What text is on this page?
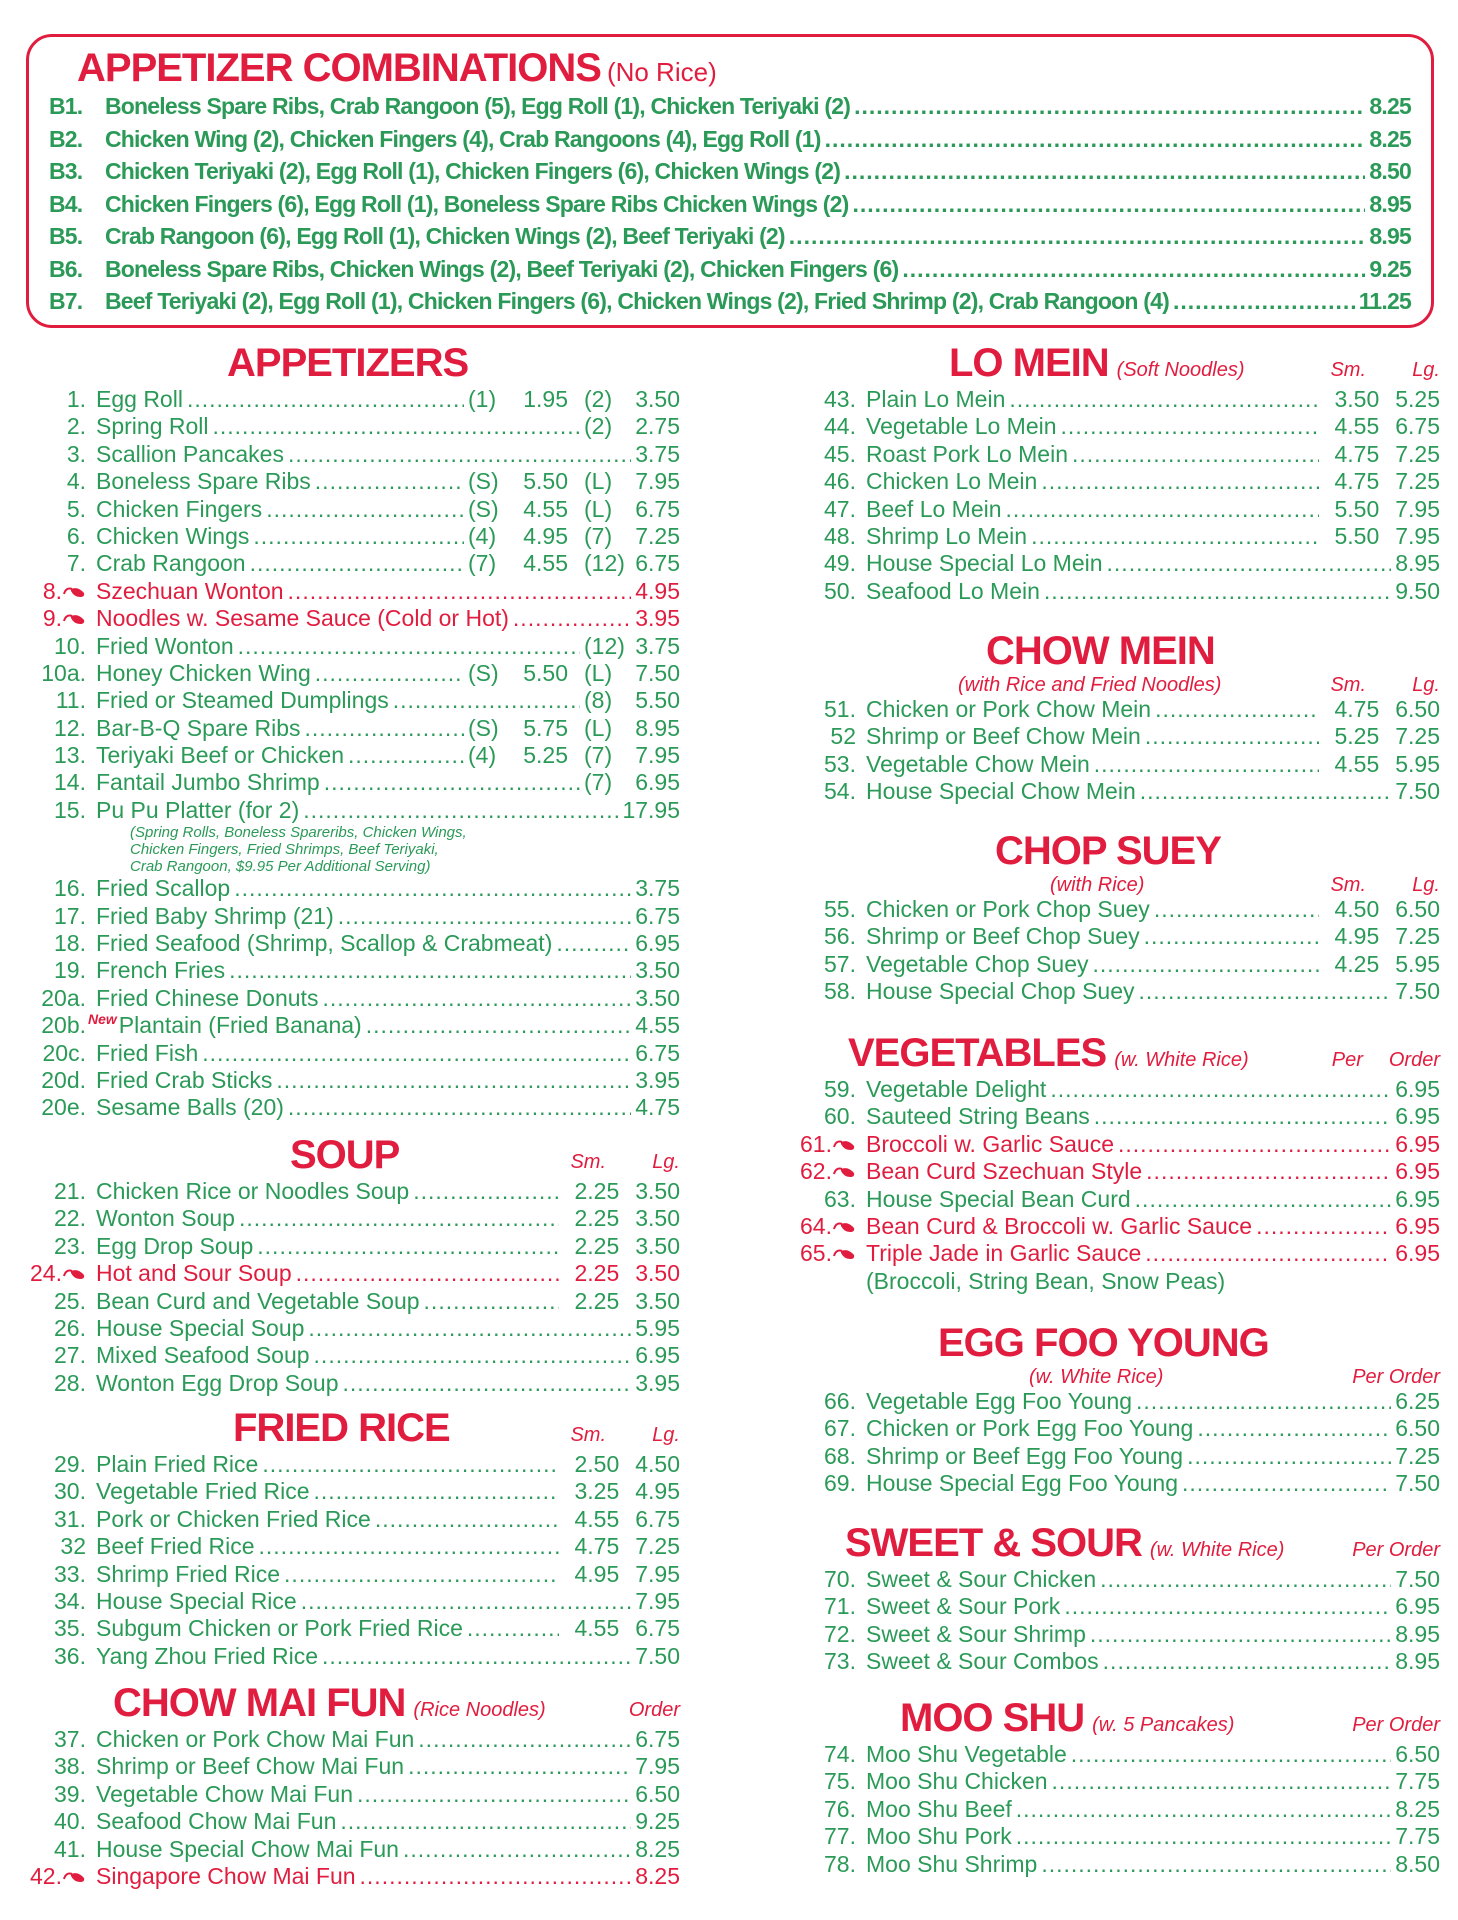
APPETIZER COMBINATIONS (No Rice)
B1. Boneless Spare Ribs, Crab Rangoon (5), Egg Roll (1), Chicken Teriyaki (2) .....	8.25
B2. Chicken Wing (2), Chicken Fingers (4), Crab Rangoons (4), Egg Roll (1) .....	8.25
B3. Chicken Teriyaki (2), Egg Roll (1), Chicken Fingers (6), Chicken Wings (2) .....	8.50
B4. Chicken Fingers (6), Egg Roll (1), Boneless Spare Ribs Chicken Wings (2) .....	8.95
B5. Crab Rangoon (6), Egg Roll (1), Chicken Wings (2), Beef Teriyaki (2) .....	8.95
B6. Boneless Spare Ribs, Chicken Wings (2), Beef Teriyaki (2), Chicken Fingers (6) .....	9.25
B7. Beef Teriyaki (2), Egg Roll (1), Chicken Fingers (6), Chicken Wings (2), Fried Shrimp (2), Crab Rangoon (4) .....	11.25
APPETIZERS
1. Egg Roll .....	(1) 1.95 (2) 3.50
2. Spring Roll .....	(2) 2.75
3. Scallion Pancakes .....	3.75
4. Boneless Spare Ribs .....	(S) 5.50 (L) 7.95
5. Chicken Fingers .....	(S) 4.55 (L) 6.75
6. Chicken Wings .....	(4) 4.95 (7) 7.25
7. Crab Rangoon .....	(7) 4.55 (12) 6.75
8.	Szechuan Wonton .....	4.95
9.	Noodles w. Sesame Sauce (Cold or Hot) .....	3.95
10. Fried Wonton .....	(12) 3.75
10a. Honey Chicken Wing .....	(S) 5.50 (L) 7.50
11. Fried or Steamed Dumplings .....	(8) 5.50
12. Bar-B-Q Spare Ribs .....	(S) 5.75 (L) 8.95
13. Teriyaki Beef or Chicken .....	(4) 5.25 (7) 7.95
14. Fantail Jumbo Shrimp .....	(7) 6.95
15. Pu Pu Platter (for 2) .....	17.95
(Spring Rolls, Boneless Spareribs, Chicken Wings, Chicken Fingers, Fried Shrimps, Beef Teriyaki, Crab Rangoon, $9.95 Per Additional Serving)
16. Fried Scallop .....	3.75
17. Fried Baby Shrimp (21) .....	6.75
18. Fried Seafood (Shrimp, Scallop & Crabmeat) .....	6.95
19. French Fries .....	3.50
20a. Fried Chinese Donuts .....	3.50
20b. New Plantain (Fried Banana) .....	4.55
20c. Fried Fish .....	6.75
20d. Fried Crab Sticks .....	3.95
20e. Sesame Balls (20) .....	4.75
SOUP	Sm.	Lg.
21. Chicken Rice or Noodles Soup .....	2.25 3.50
22. Wonton Soup .....	2.25 3.50
23. Egg Drop Soup .....	2.25 3.50
24.	Hot and Sour Soup .....	2.25 3.50
25. Bean Curd and Vegetable Soup .....	2.25 3.50
26. House Special Soup .....	5.95
27. Mixed Seafood Soup .....	6.95
28. Wonton Egg Drop Soup .....	3.95
FRIED RICE	Sm.	Lg.
29. Plain Fried Rice .....	2.50 4.50
30. Vegetable Fried Rice .....	3.25 4.95
31. Pork or Chicken Fried Rice .....	4.55 6.75
32 Beef Fried Rice .....	4.75 7.25
33. Shrimp Fried Rice .....	4.95 7.95
34. House Special Rice .....	7.95
35. Subgum Chicken or Pork Fried Rice .....	4.55 6.75
36. Yang Zhou Fried Rice .....	7.50
CHOW MAI FUN (Rice Noodles)	Order
37. Chicken or Pork Chow Mai Fun .....	6.75
38. Shrimp or Beef Chow Mai Fun .....	7.95
39. Vegetable Chow Mai Fun .....	6.50
40. Seafood Chow Mai Fun .....	9.25
41. House Special Chow Mai Fun .....	8.25
42.	Singapore Chow Mai Fun .....	8.25
LO MEIN (Soft Noodles)	Sm.	Lg.
43. Plain Lo Mein .....	3.50 5.25
44. Vegetable Lo Mein .....	4.55 6.75
45. Roast Pork Lo Mein .....	4.75 7.25
46. Chicken Lo Mein .....	4.75 7.25
47. Beef Lo Mein .....	5.50 7.95
48. Shrimp Lo Mein .....	5.50 7.95
49. House Special Lo Mein .....	8.95
50. Seafood Lo Mein .....	9.50
CHOW MEIN
(with Rice and Fried Noodles)	Sm.	Lg.
51. Chicken or Pork Chow Mein .....	4.75 6.50
52 Shrimp or Beef Chow Mein .....	5.25 7.25
53. Vegetable Chow Mein .....	4.55 5.95
54. House Special Chow Mein .....	7.50
CHOP SUEY
(with Rice)	Sm.	Lg.
55. Chicken or Pork Chop Suey .....	4.50 6.50
56. Shrimp or Beef Chop Suey .....	4.95 7.25
57. Vegetable Chop Suey .....	4.25 5.95
58. House Special Chop Suey .....	7.50
VEGETABLES (w. White Rice)	Per Order
59. Vegetable Delight .....	6.95
60. Sauteed String Beans .....	6.95
61.	Broccoli w. Garlic Sauce .....	6.95
62.	Bean Curd Szechuan Style .....	6.95
63. House Special Bean Curd .....	6.95
64.	Bean Curd & Broccoli w. Garlic Sauce .....	6.95
65.	Triple Jade in Garlic Sauce .....	6.95
(Broccoli, String Bean, Snow Peas)
EGG FOO YOUNG
(w. White Rice)	Per Order
66. Vegetable Egg Foo Young .....	6.25
67. Chicken or Pork Egg Foo Young .....	6.50
68. Shrimp or Beef Egg Foo Young .....	7.25
69. House Special Egg Foo Young .....	7.50
SWEET & SOUR (w. White Rice)	Per Order
70. Sweet & Sour Chicken .....	7.50
71. Sweet & Sour Pork .....	6.95
72. Sweet & Sour Shrimp .....	8.95
73. Sweet & Sour Combos .....	8.95
MOO SHU (w. 5 Pancakes)	Per Order
74. Moo Shu Vegetable .....	6.50
75. Moo Shu Chicken .....	7.75
76. Moo Shu Beef .....	8.25
77. Moo Shu Pork .....	7.75
78. Moo Shu Shrimp .....	8.50
